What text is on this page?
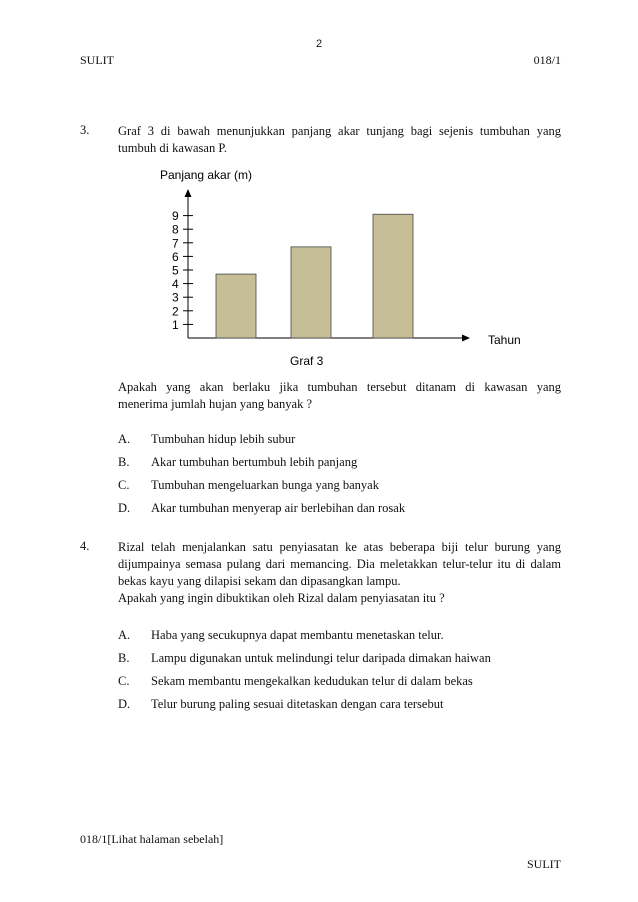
2
SULIT	018/1
3. Graf 3 di bawah menunjukkan panjang akar tunjang bagi sejenis tumbuhan yang
tumbuh di kawasan P.
Panjang akar (m)
1
2
3
4
5
6
7
8
9
Tahun
Graf 3
Apakah yang akan berlaku jika tumbuhan tersebut ditanam di kawasan yang
menerima jumlah hujan yang banyak ?
A. Tumbuhan hidup lebih subur
B. Akar tumbuhan bertumbuh lebih panjang
C. Tumbuhan mengeluarkan bunga yang banyak
D. Akar tumbuhan menyerap air berlebihan dan rosak
4. Rizal telah menjalankan satu penyiasatan ke atas beberapa biji telur burung yang
dijumpainya semasa pulang dari memancing. Dia meletakkan telur-telur itu di dalam
bekas kayu yang dilapisi sekam dan dipasangkan lampu.
Apakah yang ingin dibuktikan oleh Rizal dalam penyiasatan itu ?
A. Haba yang secukupnya dapat membantu menetaskan telur.
B. Lampu digunakan untuk melindungi telur daripada dimakan haiwan
C. Sekam membantu mengekalkan kedudukan telur di dalam bekas
D. Telur burung paling sesuai ditetaskan dengan cara tersebut
018/1[Lihat halaman sebelah]
SULIT
